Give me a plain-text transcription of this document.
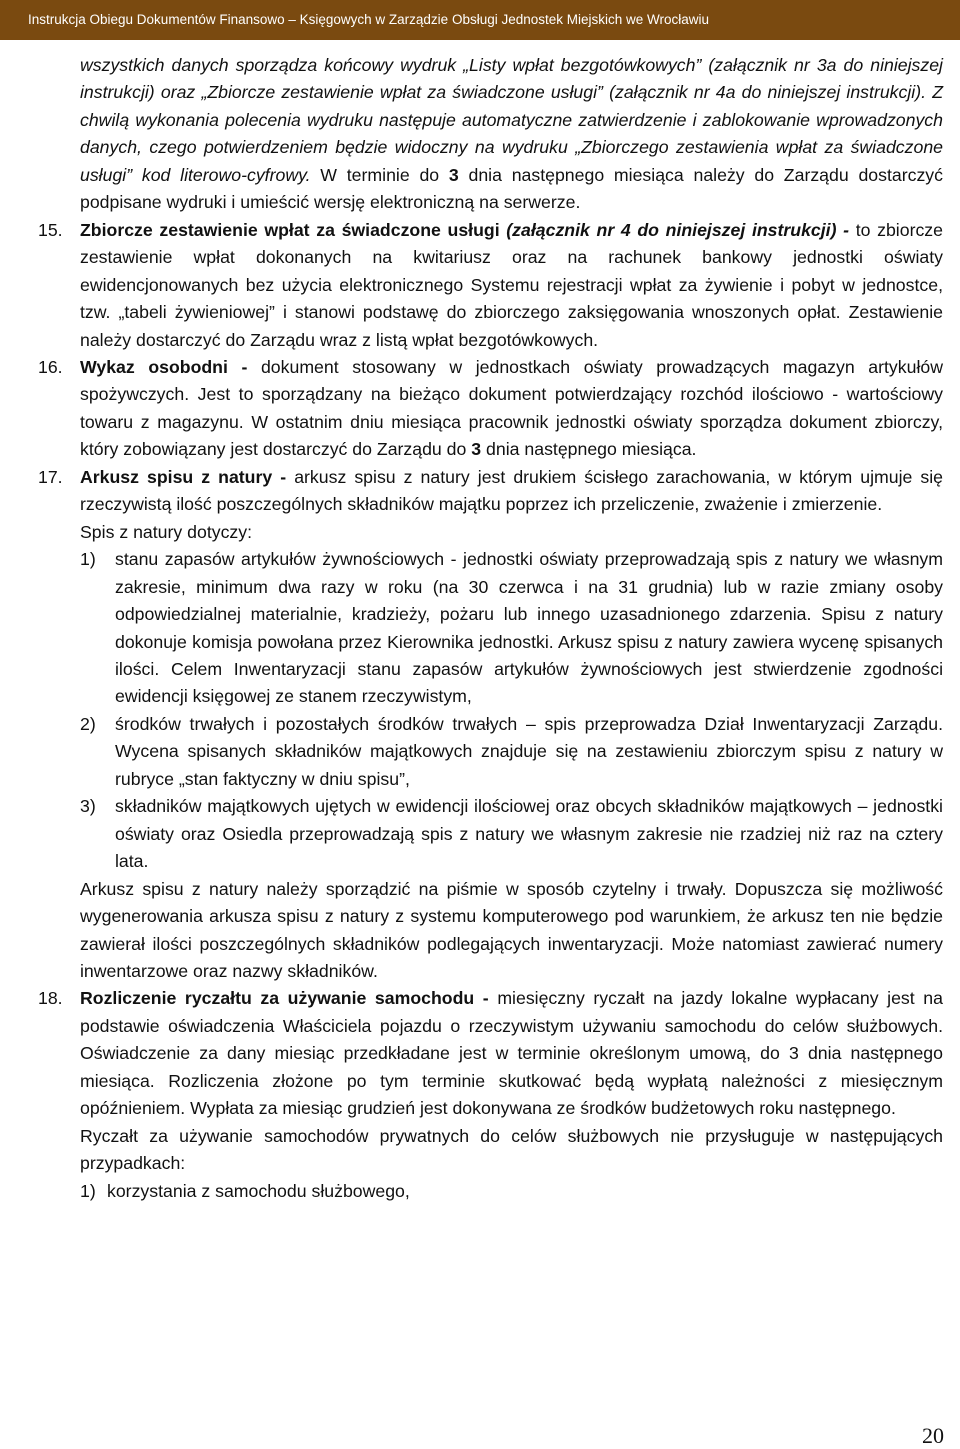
Instrukcja Obiegu Dokumentów Finansowo – Księgowych w Zarządzie Obsługi Jednostek Miejskich we Wrocławiu

wszystkich danych sporządza końcowy wydruk „Listy wpłat bezgotówkowych” (załącznik nr 3a do niniejszej instrukcji) oraz „Zbiorcze zestawienie wpłat za świadczone usługi” (załącznik nr 4a do niniejszej instrukcji). Z chwilą wykonania polecenia wydruku następuje automatyczne zatwierdzenie i zablokowanie wprowadzonych danych, czego potwierdzeniem będzie widoczny na wydruku „Zbiorczego zestawienia wpłat za świadczone usługi” kod literowo-cyfrowy. W terminie do 3 dnia następnego miesiąca należy do Zarządu dostarczyć podpisane wydruki i umieścić wersję elektroniczną na serwerze.

15. Zbiorcze zestawienie wpłat za świadczone usługi (załącznik nr 4 do niniejszej instrukcji) - to zbiorcze zestawienie wpłat dokonanych na kwitariusz oraz na rachunek bankowy jednostki oświaty ewidencjonowanych bez użycia elektronicznego Systemu rejestracji wpłat za żywienie i pobyt w jednostce, tzw. „tabeli żywieniowej” i stanowi podstawę do zbiorczego zaksięgowania wnoszonych opłat. Zestawienie należy dostarczyć do Zarządu wraz z listą wpłat bezgotówkowych.

16. Wykaz osobodni - dokument stosowany w jednostkach oświaty prowadzących magazyn artykułów spożywczych. Jest to sporządzany na bieżąco dokument potwierdzający rozchód ilościowo - wartościowy towaru z magazynu. W ostatnim dniu miesiąca pracownik jednostki oświaty sporządza dokument zbiorczy, który zobowiązany jest dostarczyć do Zarządu do 3 dnia następnego miesiąca.

17. Arkusz spisu z natury - arkusz spisu z natury jest drukiem ścisłego zarachowania, w którym ujmuje się rzeczywistą ilość poszczególnych składników majątku poprzez ich przeliczenie, zważenie i zmierzenie.

Spis z natury dotyczy:

1) stanu zapasów artykułów żywnościowych - jednostki oświaty przeprowadzają spis z natury we własnym zakresie, minimum dwa razy w roku (na 30 czerwca i na 31 grudnia) lub w razie zmiany osoby odpowiedzialnej materialnie, kradzieży, pożaru lub innego uzasadnionego zdarzenia. Spisu z natury dokonuje komisja powołana przez Kierownika jednostki. Arkusz spisu z natury zawiera wycenę spisanych ilości. Celem Inwentaryzacji stanu zapasów artykułów żywnościowych jest stwierdzenie zgodności ewidencji księgowej ze stanem rzeczywistym,

2) środków trwałych i pozostałych środków trwałych – spis przeprowadza Dział Inwentaryzacji Zarządu. Wycena spisanych składników majątkowych znajduje się na zestawieniu zbiorczym spisu z natury w rubryce „stan faktyczny w dniu spisu”,

3) składników majątkowych ujętych w ewidencji ilościowej oraz obcych składników majątkowych – jednostki oświaty oraz Osiedla przeprowadzają spis z natury we własnym zakresie nie rzadziej niż raz na cztery lata.

Arkusz spisu z natury należy sporządzić na piśmie w sposób czytelny i trwały. Dopuszcza się możliwość wygenerowania arkusza spisu z natury z systemu komputerowego pod warunkiem, że arkusz ten nie będzie zawierał ilości poszczególnych składników podlegających inwentaryzacji. Może natomiast zawierać numery inwentarzowe oraz nazwy składników.

18. Rozliczenie ryczałtu za używanie samochodu - miesięczny ryczałt na jazdy lokalne wypłacany jest na podstawie oświadczenia Właściciela pojazdu o rzeczywistym używaniu samochodu do celów służbowych. Oświadczenie za dany miesiąc przedkładane jest w terminie określonym umową, do 3 dnia następnego miesiąca. Rozliczenia złożone po tym terminie skutkować będą wypłatą należności z miesięcznym opóźnieniem. Wypłata za miesiąc grudzień jest dokonywana ze środków budżetowych roku następnego.

Ryczałt za używanie samochodów prywatnych do celów służbowych nie przysługuje w następujących przypadkach:

1) korzystania z samochodu służbowego,

20
